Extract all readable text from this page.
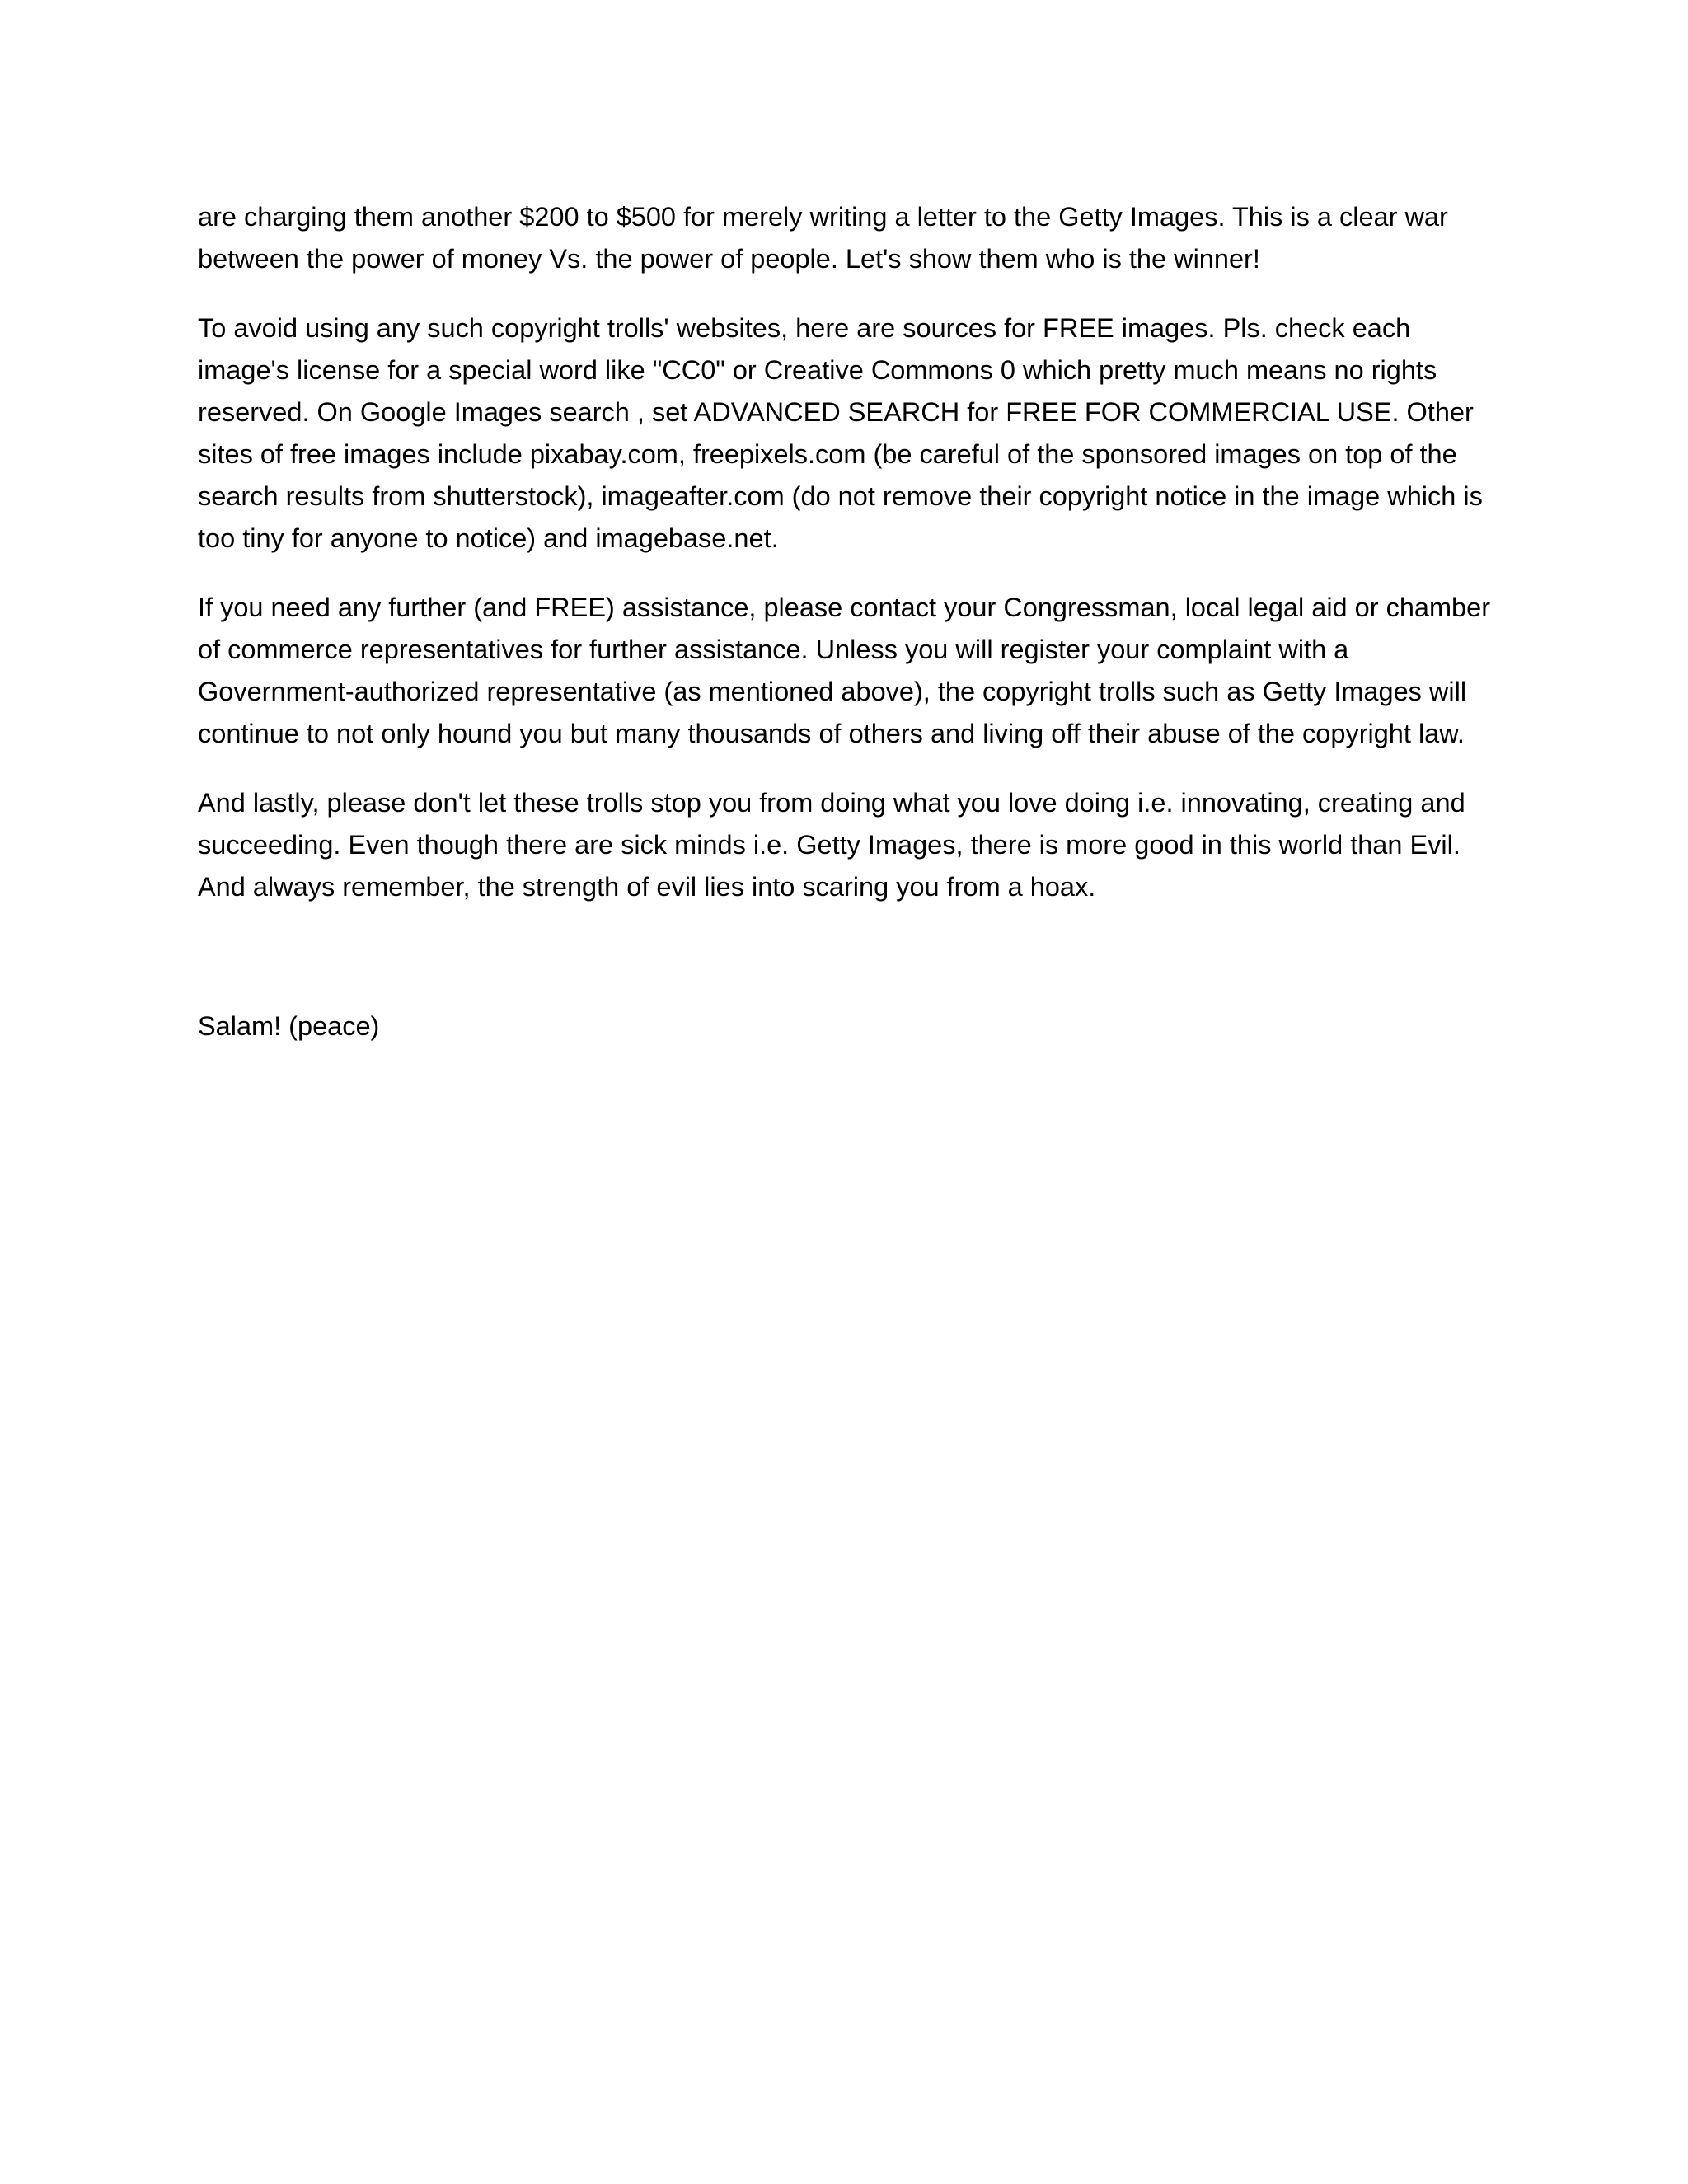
are charging them another $200 to $500 for merely writing a letter to the Getty Images. This is a clear war between the power of money Vs. the power of people. Let's show them who is the winner!

To avoid using any such copyright trolls' websites, here are sources for FREE images. Pls. check each image's license for a special word like "CC0" or Creative Commons 0 which pretty much means no rights reserved. On Google Images search , set ADVANCED SEARCH for FREE FOR COMMERCIAL USE. Other sites of free images include pixabay.com, freepixels.com (be careful of the sponsored images on top of the search results from shutterstock), imageafter.com (do not remove their copyright notice in the image which is too tiny for anyone to notice) and imagebase.net.

If you need any further (and FREE) assistance, please contact your Congressman, local legal aid or chamber of commerce representatives for further assistance. Unless you will register your complaint with a Government-authorized representative (as mentioned above), the copyright trolls such as Getty Images will continue to not only hound you but many thousands of others and living off their abuse of the copyright law.

And lastly, please don't let these trolls stop you from doing what you love doing i.e. innovating, creating and succeeding. Even though there are sick minds i.e. Getty Images, there is more good in this world than Evil. And always remember, the strength of evil lies into scaring you from a hoax.

Salam! (peace)
